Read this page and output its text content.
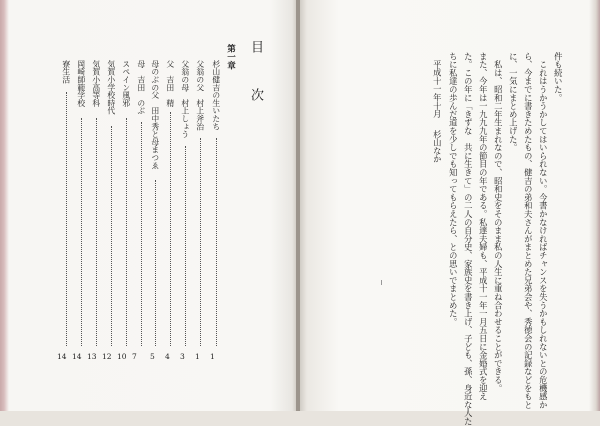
目 次
第一章
杉山健吉の生いたち
1
父翁の父　村上斧治
1
父翁の母　村上しょう
3
父　吉田　精
4
母のぶの父　田中秀と母まつゑ
5
母　吉田　のぶ
7
スペイン風邪
10
気賀小学校時代
12
気賀小高等科
13
岡崎師範学校
14
寮生活
14
件も続いた。
　これはうかうかしてはいられない。今書かなければチャンスを失うかもしれないとの危機感か
ら、今までに書きためたもの、健吉の弟和夫さんがまとめた兄弟会や、秀徳会の記録などをもと
に、一気にまとめ上げた。
　私は、昭和二年生まれなので、昭和史をそのまま私の人生に重ね合わせることができる。
また、今年は一九九九年の節目の年である。私達夫婦も、平成十一年一月五日に金婚式を迎え
た。この年に「きずな　共に生きて」の二人の自分史、家族史を書き上げ、子ども、孫、身近な人た
ちに私達の歩んだ道を少しでも知ってもらえたら、との思いでまとめた。
平成十一年十月
杉山なか
